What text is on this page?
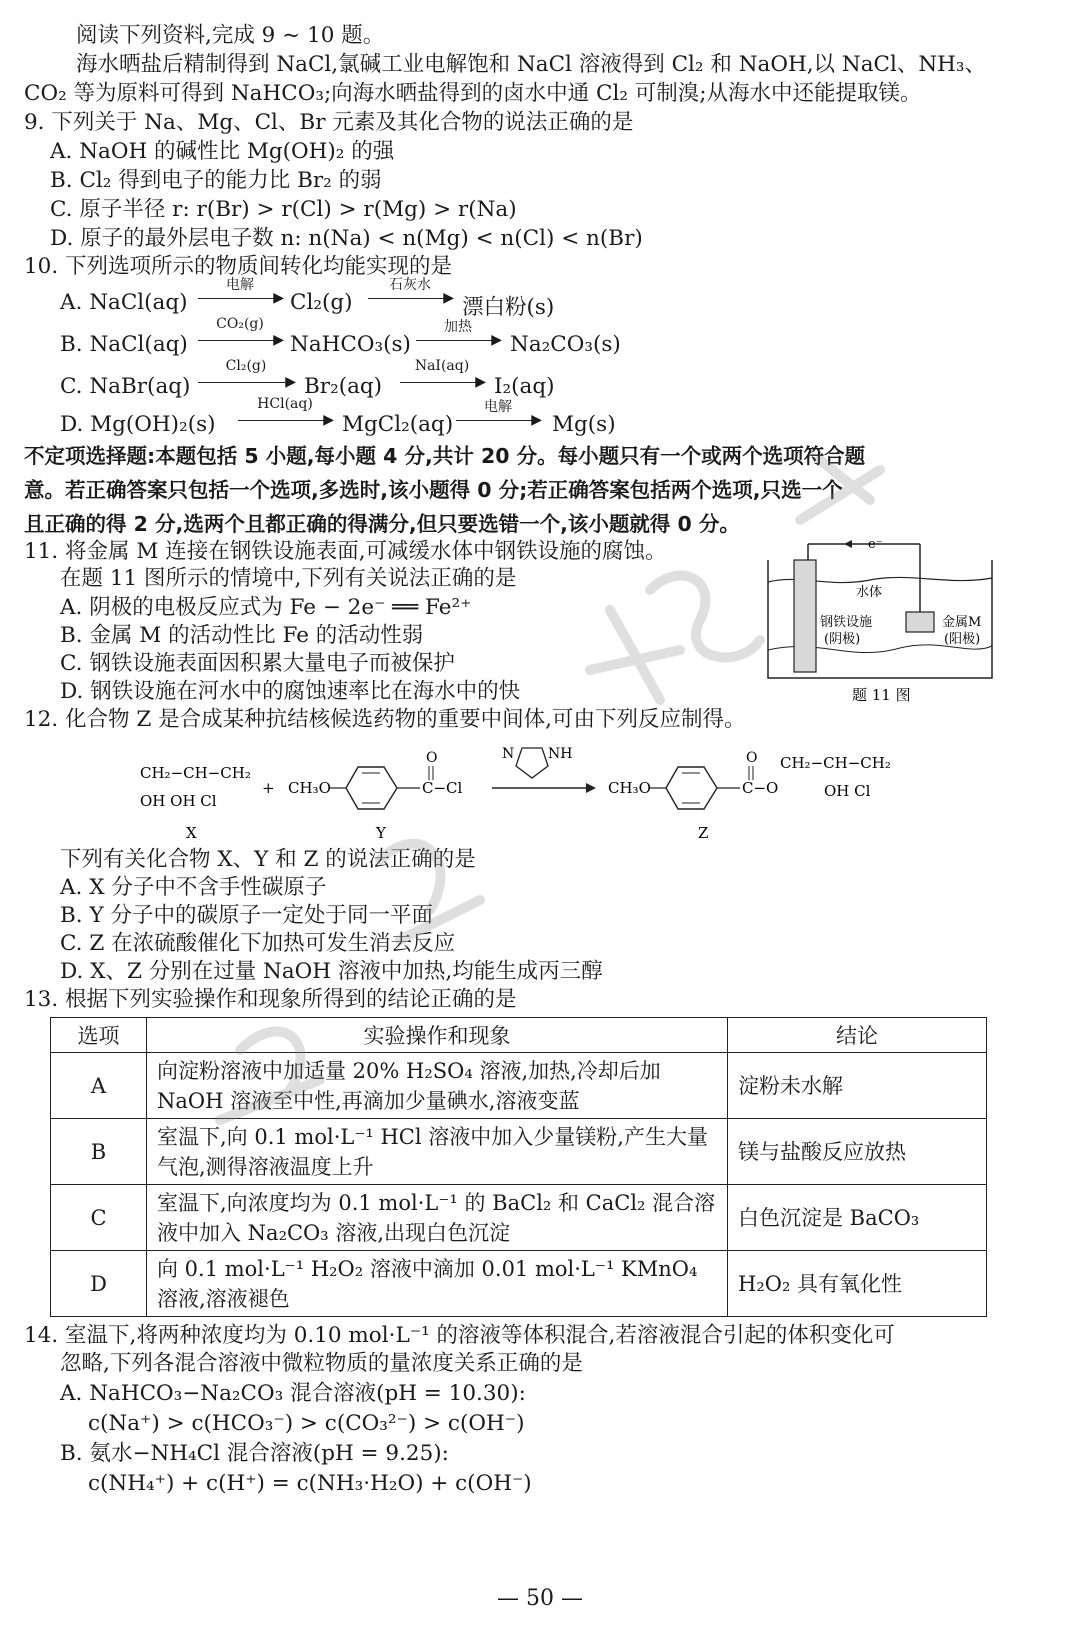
阅读下列资料,完成 9 ~ 10 题。
海水晒盐后精制得到 NaCl,氯碱工业电解饱和 NaCl 溶液得到 Cl₂ 和 NaOH,以 NaCl、NH₃、
CO₂ 等为原料可得到 NaHCO₃;向海水晒盐得到的卤水中通 Cl₂ 可制溴;从海水中还能提取镁。
9. 下列关于 Na、Mg、Cl、Br 元素及其化合物的说法正确的是
A. NaOH 的碱性比 Mg(OH)₂ 的强
B. Cl₂ 得到电子的能力比 Br₂ 的弱
C. 原子半径 r: r(Br) > r(Cl) > r(Mg) > r(Na)
D. 原子的最外层电子数 n: n(Na) < n(Mg) < n(Cl) < n(Br)
10. 下列选项所示的物质间转化均能实现的是
A. NaCl(aq)
电解
▶ Cl₂(g)
石灰水
▶ 漂白粉(s)
B. NaCl(aq)
CO₂(g)
▶ NaHCO₃(s)
加热
▶ Na₂CO₃(s)
C. NaBr(aq)
Cl₂(g)
▶ Br₂(aq)
NaI(aq)
▶ I₂(aq)
D. Mg(OH)₂(s)
HCl(aq)
▶ MgCl₂(aq)
电解
▶ Mg(s)
不定项选择题:本题包括 5 小题,每小题 4 分,共计 20 分。每小题只有一个或两个选项符合题
意。若正确答案只包括一个选项,多选时,该小题得 0 分;若正确答案包括两个选项,只选一个
且正确的得 2 分,选两个且都正确的得满分,但只要选错一个,该小题就得 0 分。
11. 将金属 M 连接在钢铁设施表面,可减缓水体中钢铁设施的腐蚀。
在题 11 图所示的情境中,下列有关说法正确的是
A. 阴极的电极反应式为 Fe − 2e⁻ ══ Fe²⁺
B. 金属 M 的活动性比 Fe 的活动性弱
C. 钢铁设施表面因积累大量电子而被保护
D. 钢铁设施在河水中的腐蚀速率比在海水中的快
e⁻
水体
钢铁设施
(阴极)
金属M
(阳极)
题 11 图
12. 化合物 Z 是合成某种抗结核候选药物的重要中间体,可由下列反应制得。
CH₂−CH−CH₂
OH OH Cl
X
+ CH₃O
O
C−Cl
Y
N NH
CH₃O
O
C−O
CH₂−CH−CH₂
OH Cl
Z
下列有关化合物 X、Y 和 Z 的说法正确的是
A. X 分子中不含手性碳原子
B. Y 分子中的碳原子一定处于同一平面
C. Z 在浓硫酸催化下加热可发生消去反应
D. X、Z 分别在过量 NaOH 溶液中加热,均能生成丙三醇
13. 根据下列实验操作和现象所得到的结论正确的是
选项	实验操作和现象	结论
A	向淀粉溶液中加适量 20% H₂SO₄ 溶液,加热,冷却后加 NaOH 溶液至中性,再滴加少量碘水,溶液变蓝	淀粉未水解
B	室温下,向 0.1 mol·L⁻¹ HCl 溶液中加入少量镁粉,产生大量气泡,测得溶液温度上升	镁与盐酸反应放热
C	室温下,向浓度均为 0.1 mol·L⁻¹ 的 BaCl₂ 和 CaCl₂ 混合溶液中加入 Na₂CO₃ 溶液,出现白色沉淀	白色沉淀是 BaCO₃
D	向 0.1 mol·L⁻¹ H₂O₂ 溶液中滴加 0.01 mol·L⁻¹ KMnO₄ 溶液,溶液褪色	H₂O₂ 具有氧化性
14. 室温下,将两种浓度均为 0.10 mol·L⁻¹ 的溶液等体积混合,若溶液混合引起的体积变化可
忽略,下列各混合溶液中微粒物质的量浓度关系正确的是
A. NaHCO₃−Na₂CO₃ 混合溶液(pH = 10.30):
c(Na⁺) > c(HCO₃⁻) > c(CO₃²⁻) > c(OH⁻)
B. 氨水−NH₄Cl 混合溶液(pH = 9.25):
c(NH₄⁺) + c(H⁺) = c(NH₃·H₂O) + c(OH⁻)
— 50 —
